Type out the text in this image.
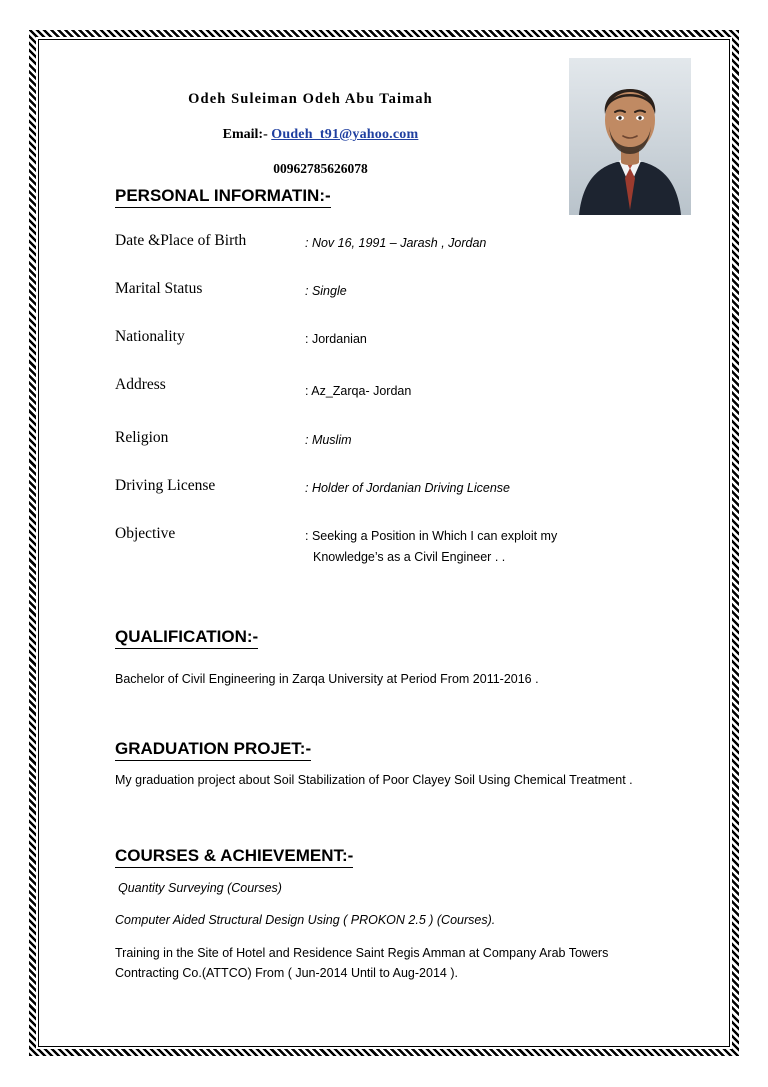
Odeh Suleiman Odeh Abu Taimah
Email:- Oudeh_t91@yahoo.com
00962785626078
PERSONAL INFORMATIN:-
Date &Place of Birth	: Nov 16, 1991 – Jarash , Jordan
Marital Status	: Single
Nationality	: Jordanian
Address	: Az_Zarqa- Jordan
Religion	: Muslim
Driving License	: Holder of Jordanian Driving License
Objective	: Seeking a Position in Which I can exploit my
Knowledge’s as a Civil Engineer . .
QUALIFICATION:-
Bachelor of Civil Engineering in Zarqa University at Period From 2011-2016 .
GRADUATION PROJET:-
My graduation project about Soil Stabilization of Poor Clayey Soil Using Chemical Treatment .
COURSES & ACHIEVEMENT:-
Quantity Surveying (Courses)
Computer Aided Structural Design Using ( PROKON 2.5 ) (Courses).
Training in the Site of Hotel and Residence Saint Regis Amman at Company Arab Towers
Contracting Co.(ATTCO) From ( Jun-2014 Until to Aug-2014 ).
